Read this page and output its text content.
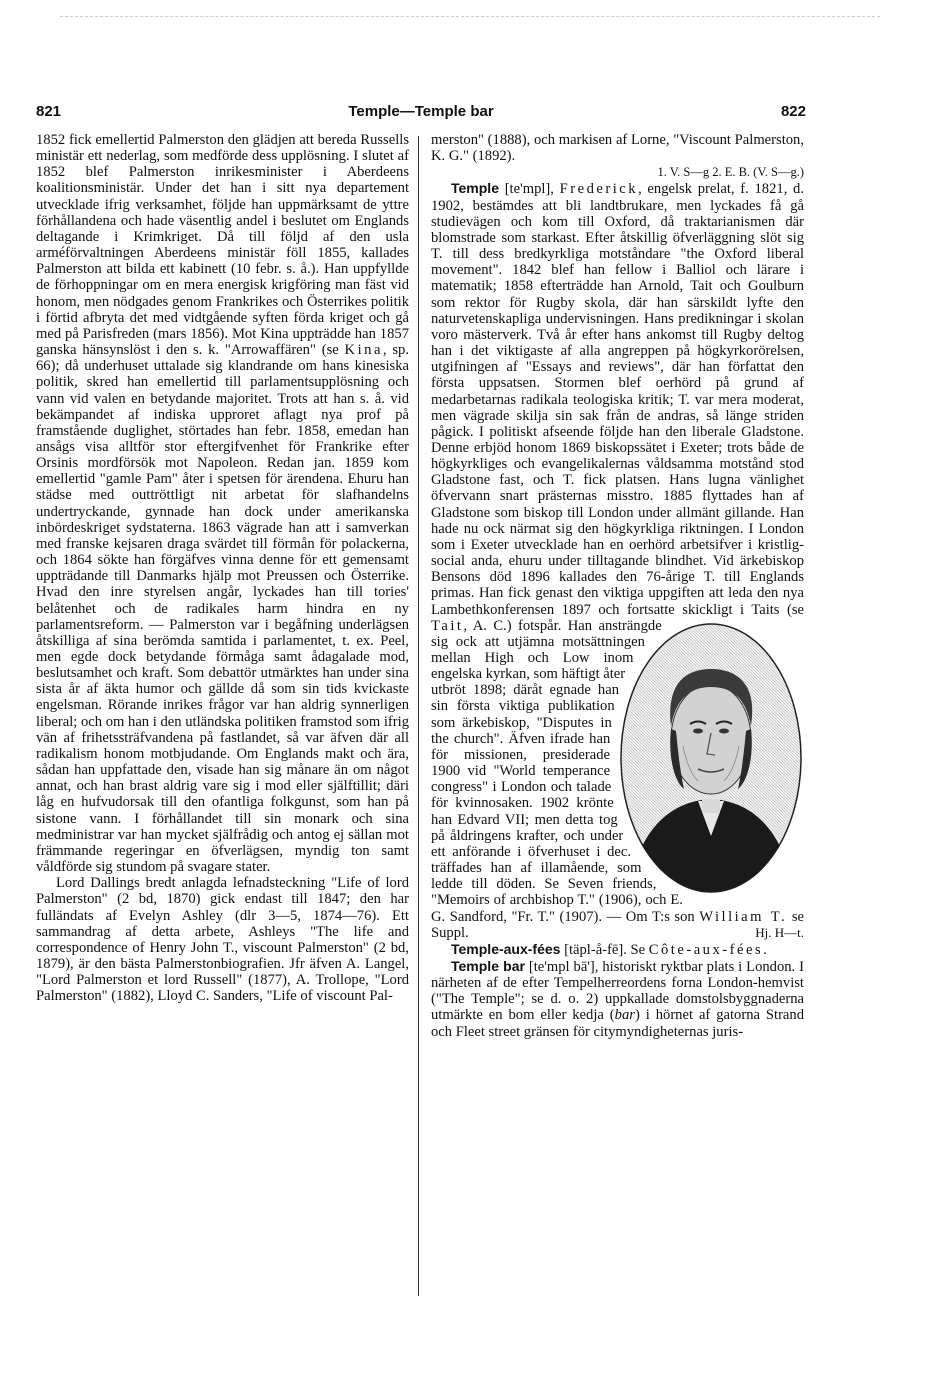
821	Temple—Temple bar	822

1852 fick emellertid Palmerston den glädjen att bereda Russells ministär ett nederlag, som medförde dess upplösning. I slutet af 1852 blef Palmerston inrikesminister i Aberdeens koalitionsministär. Under det han i sitt nya departement utvecklade ifrig verksamhet, följde han uppmärksamt de yttre förhållandena och hade väsentlig andel i beslutet om Englands deltagande i Krimkriget. Då till följd af den usla arméförvaltningen Aberdeens ministär föll 1855, kallades Palmerston att bilda ett kabinett (10 febr. s. å.). Han uppfyllde de förhoppningar om en mera energisk krigföring man fäst vid honom, men nödgades genom Frankrikes och Österrikes politik i förtid afbryta det med vidtgående syften förda kriget och gå med på Parisfreden (mars 1856). Mot Kina uppträdde han 1857 ganska hänsynslöst i den s. k. "Arrowaffären" (se Kina, sp. 66); då underhuset uttalade sig klandrande om hans kinesiska politik, skred han emellertid till parlamentsupplösning och vann vid valen en betydande majoritet. Trots att han s. å. vid bekämpandet af indiska upproret aflagt nya prof på framstående duglighet, störtades han febr. 1858, emedan han ansågs visa alltför stor eftergifvenhet för Frankrike efter Orsinis mordförsök mot Napoleon. Redan jan. 1859 kom emellertid "gamle Pam" åter i spetsen för ärendena. Ehuru han städse med outtröttligt nit arbetat för slafhandelns undertryckande, gynnade han dock under amerikanska inbördeskriget sydstaterna. 1863 vägrade han att i samverkan med franske kejsaren draga svärdet till förmån för polackerna, och 1864 sökte han förgäfves vinna denne för ett gemensamt uppträdande till Danmarks hjälp mot Preussen och Österrike. Hvad den inre styrelsen angår, lyckades han till tories' belåtenhet och de radikales harm hindra en ny parlamentsreform. — Palmerston var i begåfning underlägsen åtskilliga af sina berömda samtida i parlamentet, t. ex. Peel, men egde dock betydande förmåga samt ådagalade mod, beslutsamhet och kraft. Som debattör utmärktes han under sina sista år af äkta humor och gällde då som sin tids kvickaste engelsman. Rörande inrikes frågor var han aldrig synnerligen liberal; och om han i den utländska politiken framstod som ifrig vän af frihetssträfvandena på fastlandet, så var äfven där all radikalism honom motbjudande. Om Englands makt och ära, sådan han uppfattade den, visade han sig månare än om något annat, och han brast aldrig vare sig i mod eller själftillit; däri låg en hufvudorsak till den ofantliga folkgunst, som han på sistone vann. I förhållandet till sin monark och sina medministrar var han mycket själfrådig och antog ej sällan mot främmande regeringar en öfverlägsen, myndig ton samt våldförde sig stundom på svagare stater.

Lord Dallings bredt anlagda lefnadsteckning "Life of lord Palmerston" (2 bd, 1870) gick endast till 1847; den har fulländats af Evelyn Ashley (dlr 3—5, 1874—76). Ett sammandrag af detta arbete, Ashleys "The life and correspondence of Henry John T., viscount Palmerston" (2 bd, 1879), är den bästa Palmerstonbiografien. Jfr äfven A. Langel, "Lord Palmerston et lord Russell" (1877), A. Trollope, "Lord Palmerston" (1882), Lloyd C. Sanders, "Life of viscount Pal-

merston" (1888), och markisen af Lorne, "Viscount Palmerston, K. G." (1892).

1. V. S—g 2. E. B. (V. S—g.)

Temple [te'mpl], Frederick, engelsk prelat, f. 1821, d. 1902, bestämdes att bli landtbrukare, men lyckades få gå studievägen och kom till Oxford, då traktarianismen där blomstrade som starkast. Efter åtskillig öfverläggning slöt sig T. till dess bredkyrkliga motståndare "the Oxford liberal movement". 1842 blef han fellow i Balliol och lärare i matematik; 1858 efterträdde han Arnold, Tait och Goulburn som rektor för Rugby skola, där han särskildt lyfte den naturvetenskapliga undervisningen. Hans predikningar i skolan voro mästerverk. Två år efter hans ankomst till Rugby deltog han i det viktigaste af alla angreppen på högkyrkorörelsen, utgifningen af "Essays and reviews", där han författat den första uppsatsen. Stormen blef oerhörd på grund af medarbetarnas radikala teologiska kritik; T. var mera moderat, men vägrade skilja sin sak från de andras, så länge striden pågick. I politiskt afseende följde han den liberale Gladstone. Denne erbjöd honom 1869 biskopssätet i Exeter; trots både de högkyrkliges och evangelikalernas våldsamma motstånd stod Gladstone fast, och T. fick platsen. Hans lugna vänlighet öfvervann snart prästernas misstro. 1885 flyttades han af Gladstone som biskop till London under allmänt gillande. Han hade nu ock närmat sig den högkyrkliga riktningen. I London som i Exeter utvecklade han en oerhörd arbetsifver i kristlig-social anda, ehuru under tilltagande blindhet. Vid ärkebiskop Bensons död 1896 kallades den 76-årige T. till Englands primas. Han fick genast den viktiga uppgiften att leda den nya Lambethkonferensen 1897 och fortsatte skickligt i Taits (se
Tait, A. C.) fotspår. Han ansträngde sig ock att utjämna motsättningen mellan High och Low inom engelska kyrkan, som häftigt åter utbröt 1898; däråt egnade han sin första viktiga publikation som ärkebiskop, "Disputes in the church". Äfven ifrade han för missionen, presiderade 1900 vid "World temperance congress" i London och talade för kvinnosaken. 1902 krönte han Edvard VII; men detta tog på åldringens krafter, och under ett anförande i öfverhuset i dec. träffades han af illamående, som ledde till döden. Se Seven friends, "Memoirs of archbishop T." (1906), och E. G. Sandford, "Fr. T." (1907). — Om T:s son William T. se Suppl.	Hj. H—t.

Temple-aux-fées [täpl-å-fē]. Se Côte-aux-fées.

Temple bar [te'mpl bā'], historiskt ryktbar plats i London. I närheten af de efter Tempelherreordens forna London-hemvist ("The Temple"; se d. o. 2) uppkallade domstolsbyggnaderna utmärkte en bom eller kedja (bar) i hörnet af gatorna Strand och Fleet street gränsen för citymyndigheternas juris-
